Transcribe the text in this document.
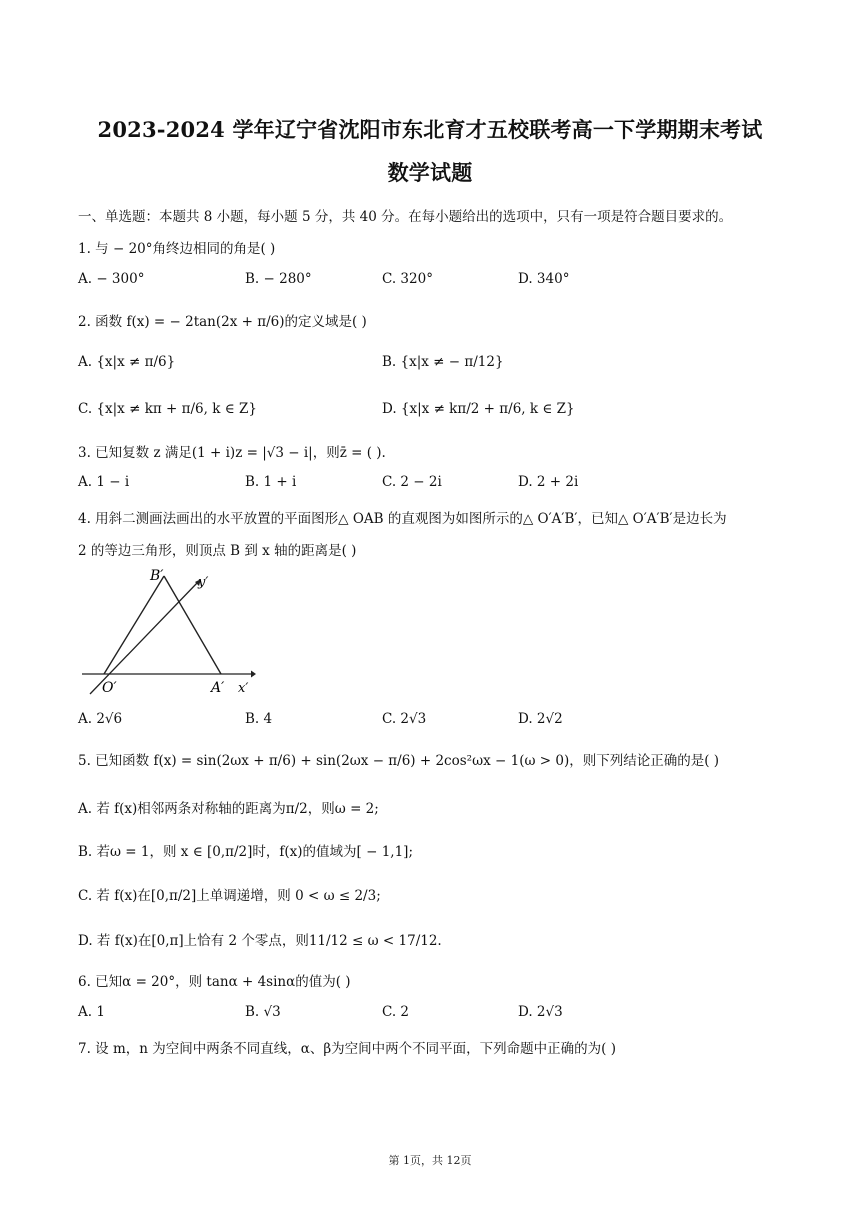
2023-2024 学年辽宁省沈阳市东北育才五校联考高一下学期期末考试
数学试题
一、单选题：本题共 8 小题，每小题 5 分，共 40 分。在每小题给出的选项中，只有一项是符合题目要求的。
1. 与 − 20°角终边相同的角是( )
A. − 300°	B. − 280°	C. 320°	D. 340°
2. 函数 f(x) = − 2tan(2x + π/6)的定义域是( )
A. {x|x ≠ π/6}	B. {x|x ≠ − π/12}
C. {x|x ≠ kπ + π/6, k ∈ Z}	D. {x|x ≠ kπ/2 + π/6, k ∈ Z}
3. 已知复数 z 满足(1 + i)z = |√3 − i|，则z̄ = ( ).
A. 1 − i	B. 1 + i	C. 2 − 2i	D. 2 + 2i
4. 用斜二测画法画出的水平放置的平面图形△ OAB 的直观图为如图所示的△ O′A′B′，已知△ O′A′B′是边长为
2 的等边三角形，则顶点 B 到 x 轴的距离是( )
B′	y′
O′	A′ x′
A. 2√6	B. 4	C. 2√3	D. 2√2
5. 已知函数 f(x) = sin(2ωx + π/6) + sin(2ωx − π/6) + 2cos²ωx − 1(ω > 0)，则下列结论正确的是( )
A. 若 f(x)相邻两条对称轴的距离为π/2，则ω = 2;
B. 若ω = 1，则 x ∈ [0,π/2]时，f(x)的值域为[ − 1,1];
C. 若 f(x)在[0,π/2]上单调递增，则 0 < ω ≤ 2/3;
D. 若 f(x)在[0,π]上恰有 2 个零点，则11/12 ≤ ω < 17/12.
6. 已知α = 20°，则 tanα + 4sinα的值为( )
A. 1	B. √3	C. 2	D. 2√3
7. 设 m，n 为空间中两条不同直线，α、β为空间中两个不同平面，下列命题中正确的为( )
第 1页，共 12页
